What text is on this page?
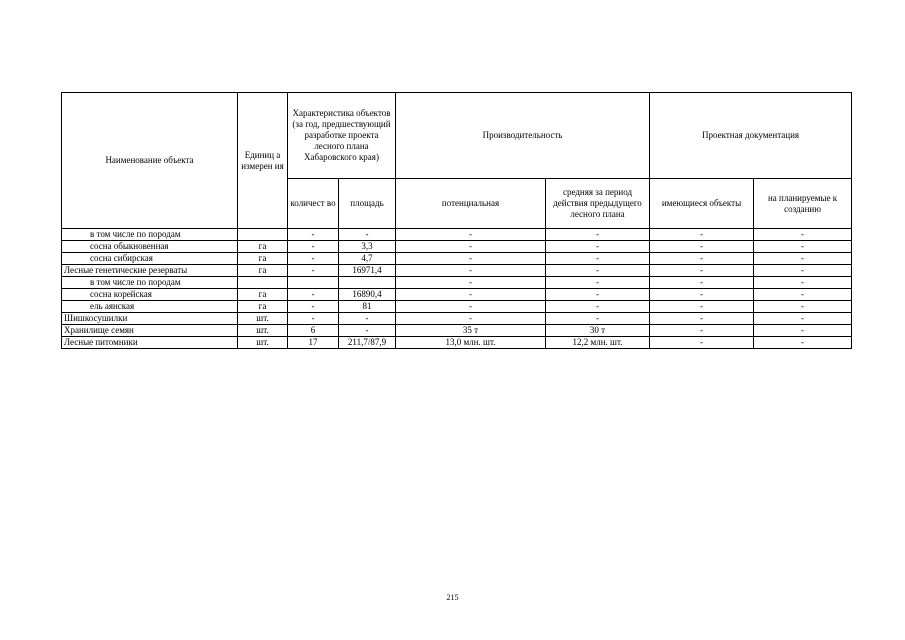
Наименование объекта	Единиц а измерен ия	Характеристика объектов (за год, предшествующий разработке проекта лесного плана Хабаровского края)		Производительность		Проектная документация	
		количест во	площадь	потенциальная	средняя за период действия предыдущего лесного плана	имеющиеся объекты	на планируемые к созданию
в том числе по породам		-	-	-	-	-	-
сосна обыкновенная	га	-	3,3	-	-	-	-
сосна сибирская	га	-	4,7	-	-	-	-
Лесные генетические резерваты	га	-	16971,4	-	-	-	-
в том числе по породам				-	-	-	-
сосна корейская	га	-	16890,4	-	-	-	-
ель аянская	га	-	81	-	-	-	-
Шишкосушилки	шт.	-	-	-	-	-	-
Хранилище семян	шт.	6	-	35 т	30 т	-	-
Лесные питомники	шт.	17	211,7/87,9	13,0 млн. шт.	12,2 млн. шт.	-	-
215
